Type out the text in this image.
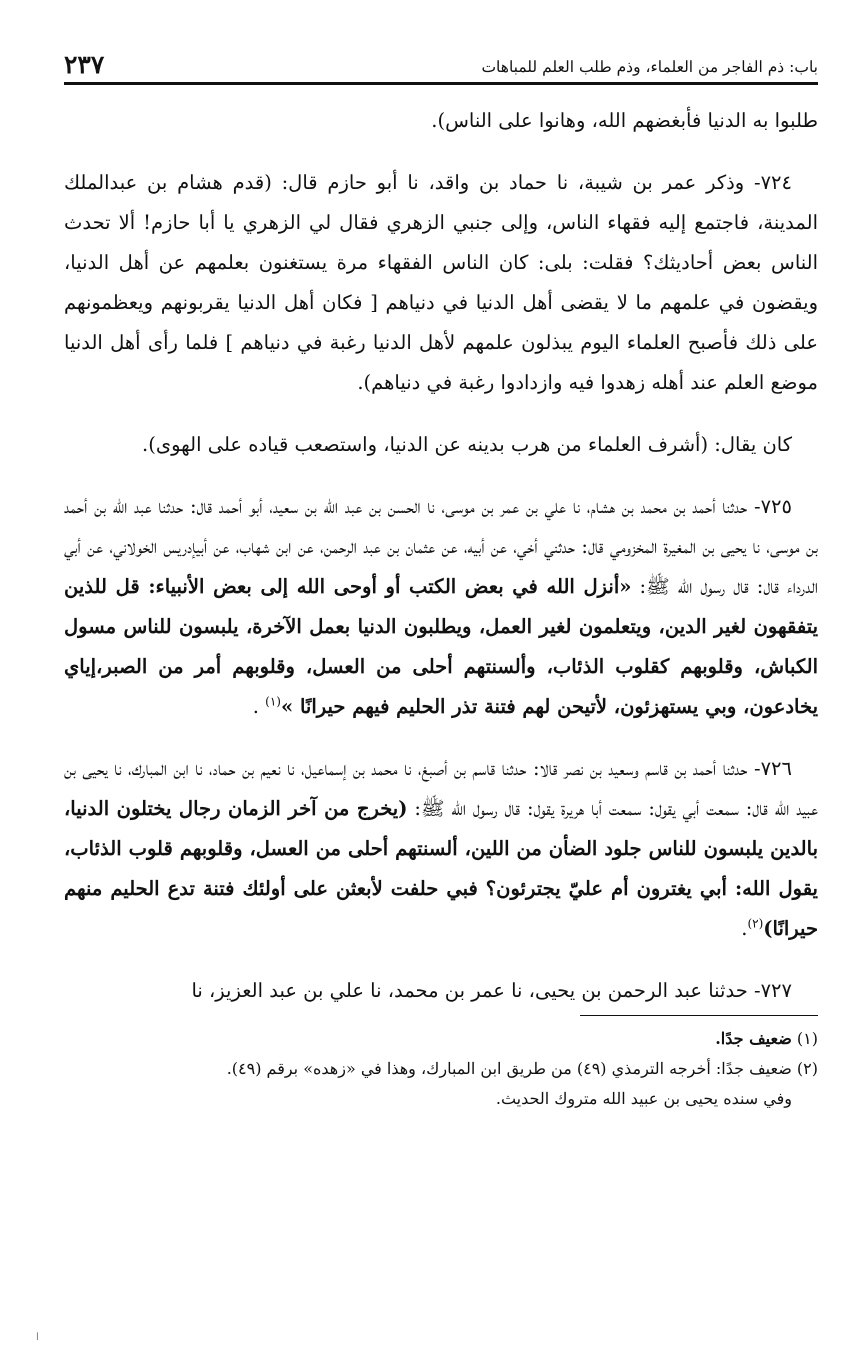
باب: ذم الفاجر من العلماء، وذم طلب العلم للمباهات
٢٣٧

طلبوا به الدنيا فأبغضهم الله، وهانوا على الناس).

٧٢٤- وذكر عمر بن شيبة، نا حماد بن واقد، نا أبو حازم قال: (قدم هشام بن عبدالملك المدينة، فاجتمع إليه فقهاء الناس، وإلى جنبي الزهري فقال لي الزهري يا أبا حازم! ألا تحدث الناس بعض أحاديثك؟ فقلت: بلى: كان الناس الفقهاء مرة يستغنون بعلمهم عن أهل الدنيا، ويقضون في علمهم ما لا يقضى أهل الدنيا في دنياهم [ فكان أهل الدنيا يقربونهم ويعظمونهم على ذلك فأصبح العلماء اليوم يبذلون علمهم لأهل الدنيا رغبة في دنياهم ] فلما رأى أهل الدنيا موضع العلم عند أهله زهدوا فيه وازدادوا رغبة في دنياهم).

كان يقال: (أشرف العلماء من هرب بدينه عن الدنيا، واستصعب قياده على الهوى).

٧٢٥- حدثنا أحمد بن محمد بن هشام، نا علي بن عمر بن موسى، نا الحسن بن عبد الله بن سعيد، أبو أحمد قال: حدثنا عبد الله بن أحمد بن موسى، نا يحيى بن المغيرة المخزومي قال: حدثني أخي، عن أبيه، عن عثمان بن عبد الرحمن، عن ابن شهاب، عن أبيإدريس الخولاني، عن أبي الدرداء قال: قال رسول الله ﷺ: «أنزل الله في بعض الكتب أو أوحى الله إلى بعض الأنبياء: قل للذين يتفقهون لغير الدين، ويتعلمون لغير العمل، ويطلبون الدنيا بعمل الآخرة، يلبسون للناس مسول الكباش، وقلوبهم كقلوب الذئاب، وألسنتهم أحلى من العسل، وقلوبهم أمر من الصبر،إياي يخادعون، وبي يستهزئون، لأتيحن لهم فتنة تذر الحليم فيهم حيرانًا »$^{(١)}$ .

٧٢٦- حدثنا أحمد بن قاسم وسعيد بن نصر قالا: حدثنا قاسم بن أصبغ، نا محمد بن إسماعيل، نا نعيم بن حماد، نا ابن المبارك، نا يحيى بن عبيد الله قال: سمعت أبي يقول: سمعت أبا هريرة يقول: قال رسول الله ﷺ: (يخرج من آخر الزمان رجال يختلون الدنيا، بالدين يلبسون للناس جلود الضأن من اللين، ألسنتهم أحلى من العسل، وقلوبهم قلوب الذئاب، يقول الله: أبي يغترون أم عليّ يجترئون؟ فبي حلفت لأبعثن على أولئك فتنة تدع الحليم منهم حيرانًا)$^{(٢)}$.

٧٢٧- حدثنا عبد الرحمن بن يحيى، نا عمر بن محمد، نا علي بن عبد العزيز، نا

(١) ضعيف جدًا.

(٢) ضعيف جدًا: أخرجه الترمذي (٤٩) من طريق ابن المبارك، وهذا في «زهده» برقم (٤٩).

وفي سنده يحيى بن عبيد الله متروك الحديث.

ا
